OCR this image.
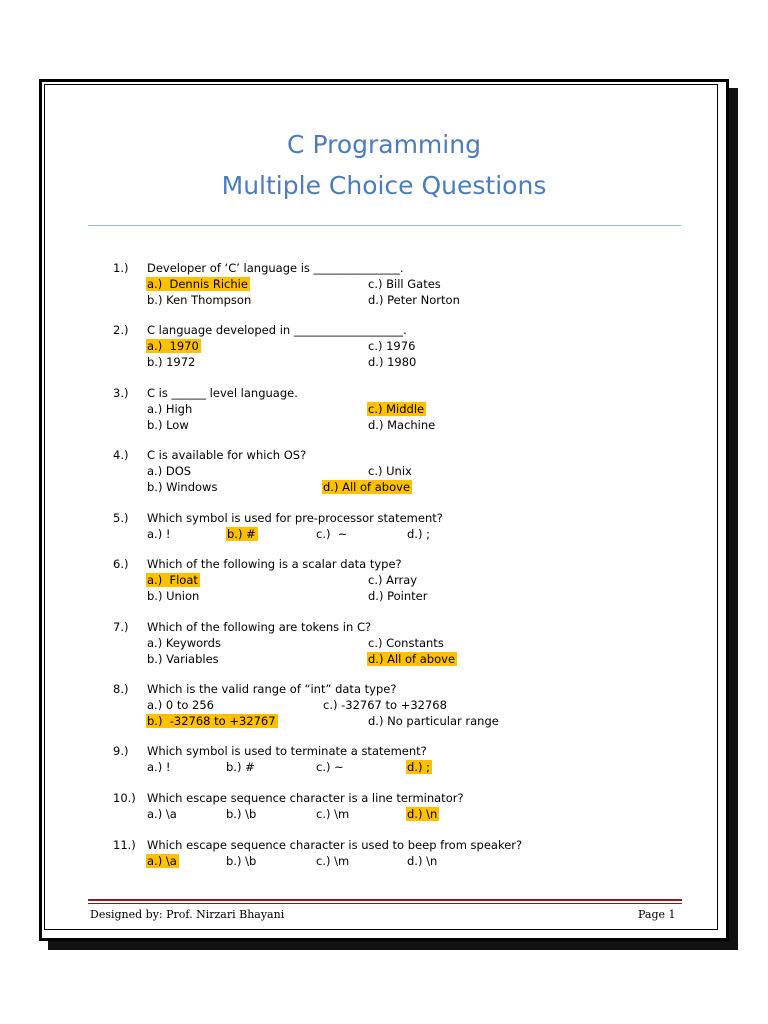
C Programming
Multiple Choice Questions
1.) Developer of ‘C’ language is _______________.
a.)  Dennis Richie	c.) Bill Gates
b.) Ken Thompson	d.) Peter Norton
2.) C language developed in ___________________.
a.)  1970	c.) 1976
b.) 1972	d.) 1980
3.) C is ______ level language.
a.) High	c.) Middle
b.) Low	d.) Machine
4.) C is available for which OS?
a.) DOS	c.) Unix
b.) Windows	d.) All of above
5.) Which symbol is used for pre-processor statement?
a.) !	b.) #	c.)  ~	d.) ;
6.) Which of the following is a scalar data type?
a.)  Float	c.) Array
b.) Union	d.) Pointer
7.) Which of the following are tokens in C?
a.) Keywords	c.) Constants
b.) Variables	d.) All of above
8.) Which is the valid range of “int” data type?
a.) 0 to 256	c.) -32767 to +32768
b.)  -32768 to +32767	d.) No particular range
9.) Which symbol is used to terminate a statement?
a.) !	b.) #	c.) ~	d.) ;
10.) Which escape sequence character is a line terminator?
a.) \a	b.) \b	c.) \m	d.) \n
11.) Which escape sequence character is used to beep from speaker?
a.) \a	b.) \b	c.) \m	d.) \n
Designed by: Prof. Nirzari Bhayani	Page 1
